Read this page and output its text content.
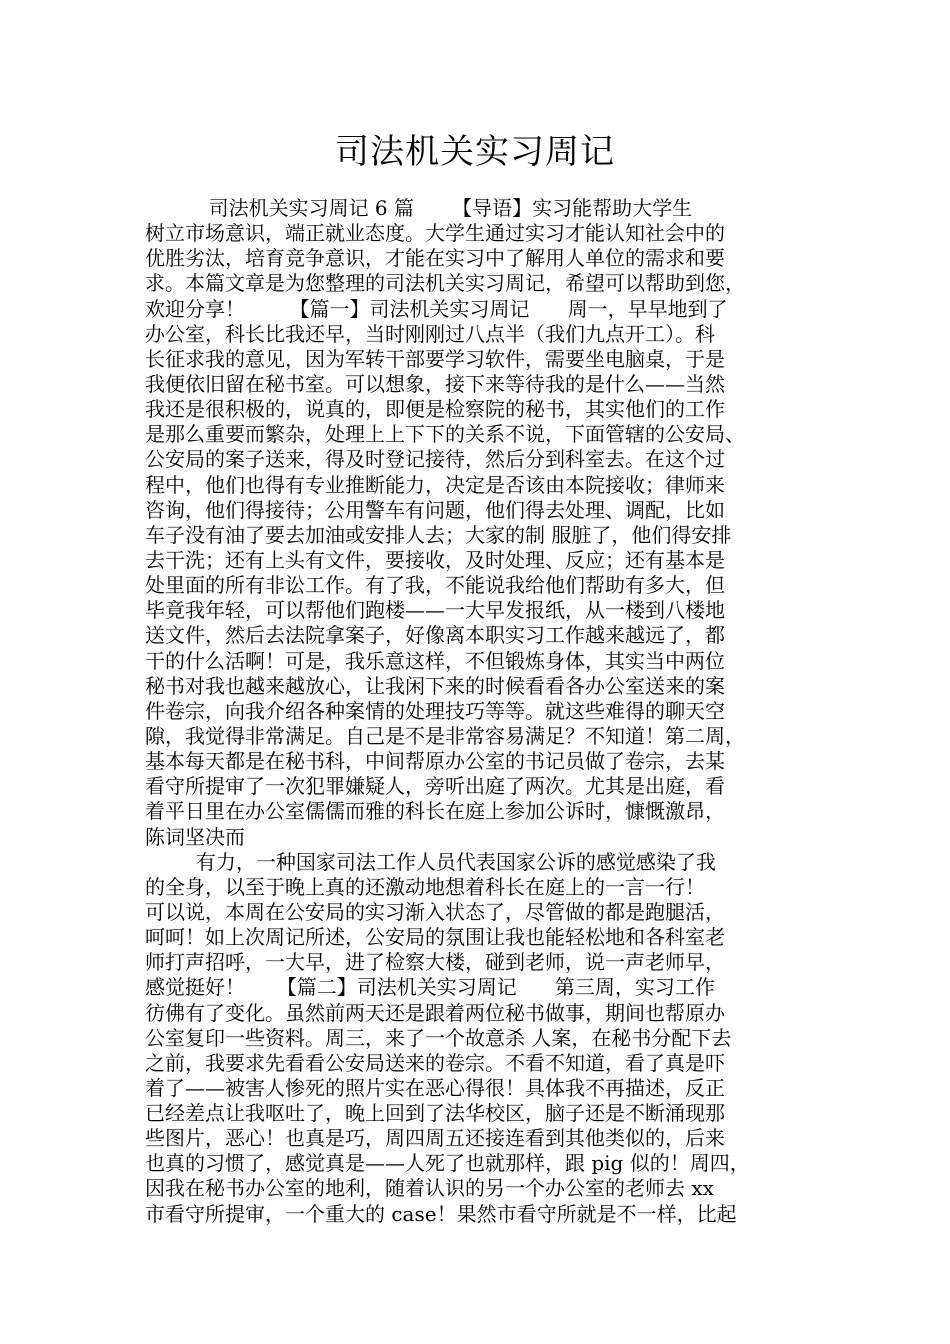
司法机关实习周记
司法机关实习周记 6 篇      【导语】实习能帮助大学生
树立市场意识，端正就业态度。大学生通过实习才能认知社会中的
优胜劣汰，培育竞争意识，才能在实习中了解用人单位的需求和要
求。本篇文章是为您整理的司法机关实习周记，希望可以帮助到您，
欢迎分享！       【篇一】司法机关实习周记      周一，早早地到了
办公室，科长比我还早，当时刚刚过八点半（我们九点开工）。科
长征求我的意见，因为军转干部要学习软件，需要坐电脑桌，于是
我便依旧留在秘书室。可以想象，接下来等待我的是什么——当然
我还是很积极的，说真的，即便是检察院的秘书，其实他们的工作
是那么重要而繁杂，处理上上下下的关系不说，下面管辖的公安局、
公安局的案子送来，得及时登记接待，然后分到科室去。在这个过
程中，他们也得有专业推断能力，决定是否该由本院接收；律师来
咨询，他们得接待；公用警车有问题，他们得去处理、调配，比如
车子没有油了要去加油或安排人去；大家的制 服脏了，他们得安排
去干洗；还有上头有文件，要接收，及时处理、反应；还有基本是
处里面的所有非讼工作。有了我，不能说我给他们帮助有多大，但
毕竟我年轻，可以帮他们跑楼——一大早发报纸，从一楼到八楼地
送文件，然后去法院拿案子，好像离本职实习工作越来越远了，都
干的什么活啊！可是，我乐意这样，不但锻炼身体，其实当中两位
秘书对我也越来越放心，让我闲下来的时候看看各办公室送来的案
件卷宗，向我介绍各种案情的处理技巧等等。就这些难得的聊天空
隙，我觉得非常满足。自己是不是非常容易满足？不知道！第二周，
基本每天都是在秘书科，中间帮原办公室的书记员做了卷宗，去某
看守所提审了一次犯罪嫌疑人，旁听出庭了两次。尤其是出庭，看
着平日里在办公室儒儒而雅的科长在庭上参加公诉时，慷慨激昂，
陈词坚决而
有力，一种国家司法工作人员代表国家公诉的感觉感染了我
的全身，以至于晚上真的还激动地想着科长在庭上的一言一行！
可以说，本周在公安局的实习渐入状态了，尽管做的都是跑腿活，
呵呵！如上次周记所述，公安局的氛围让我也能轻松地和各科室老
师打声招呼，一大早，进了检察大楼，碰到老师，说一声老师早，
感觉挺好！     【篇二】司法机关实习周记      第三周，实习工作
彷佛有了变化。虽然前两天还是跟着两位秘书做事，期间也帮原办
公室复印一些资料。周三，来了一个故意杀 人案，在秘书分配下去
之前，我要求先看看公安局送来的卷宗。不看不知道，看了真是吓
着了——被害人惨死的照片实在恶心得很！具体我不再描述，反正
已经差点让我呕吐了，晚上回到了法华校区，脑子还是不断涌现那
些图片，恶心！也真是巧，周四周五还接连看到其他类似的，后来
也真的习惯了，感觉真是——人死了也就那样，跟 pig 似的！周四，
因我在秘书办公室的地利，随着认识的另一个办公室的老师去 xx
市看守所提审，一个重大的 case！果然市看守所就是不一样，比起
